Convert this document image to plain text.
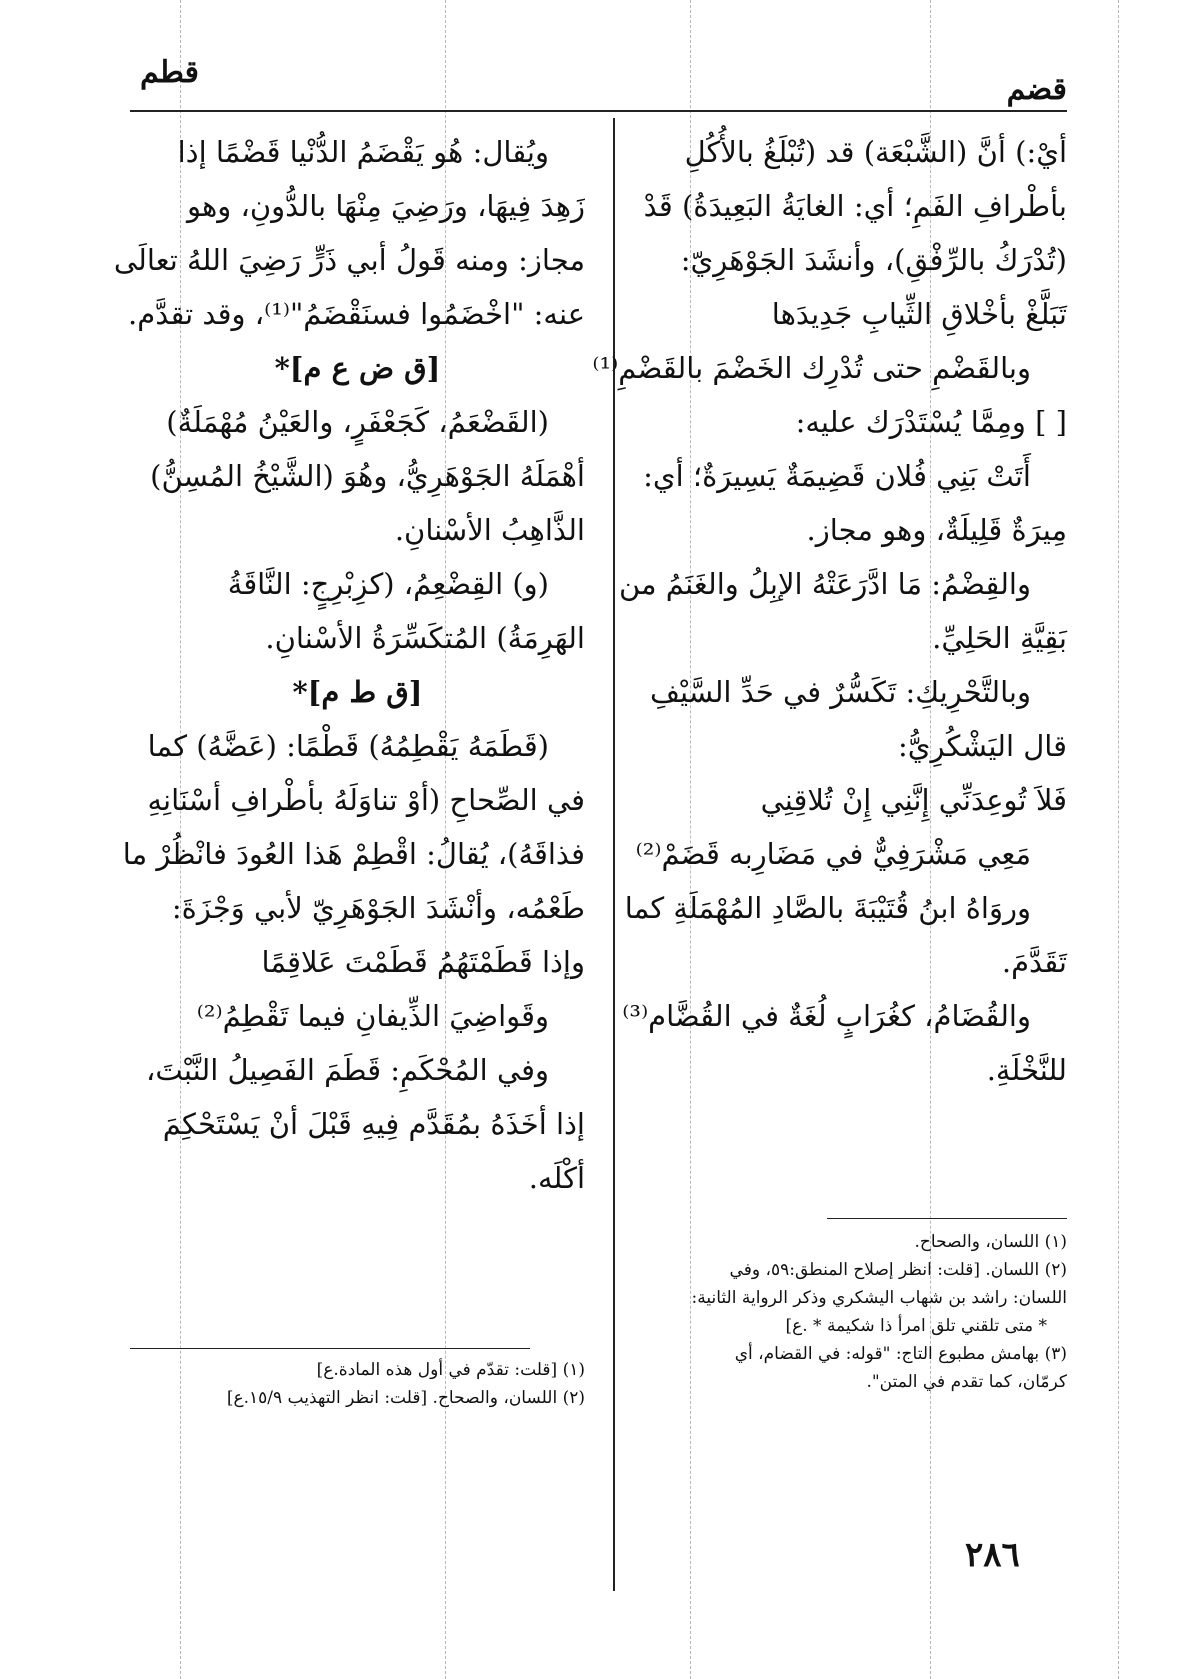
قضم
قطم
أيْ:) أنَّ (الشَّبْعَة) قد (تُبْلَغُ بالأُكُلِ
بأطْرافِ الفَمِ؛ أي: الغايَةُ البَعِيدَةُ) قَدْ
(تُدْرَكُ بالرِّفْقِ)، وأنشَدَ الجَوْهَرِيّ:
تَبَلَّغْ بأخْلاقِ الثِّيابِ جَدِيدَها
وبالقَضْمِ حتى تُدْرِك الخَضْمَ بالقَضْمِ⁽¹⁾
[ ] ومِمَّا يُسْتَدْرَك عليه:
أَتَتْ بَنِي فُلان قَضِيمَةٌ يَسِيرَةٌ؛ أي:
مِيرَةٌ قَلِيلَةٌ، وهو مجاز.
والقِضْمُ: مَا ادَّرَعَتْهُ الإبِلُ والغَنَمُ من
بَقِيَّةِ الحَلِيِّ.
وبالتَّحْرِيكِ: تَكَسُّرٌ في حَدِّ السَّيْفِ
قال اليَشْكُرِيُّ:
فَلاَ تُوعِدَنِّي إِنَّنِي إِنْ تُلاقِنِي
مَعِي مَشْرَفِيٌّ في مَضَارِبه قَضَمْ⁽²⁾
وروَاهُ ابنُ قُتَيْبَةَ بالصَّادِ المُهْمَلَةِ كما
تَقَدَّمَ.
والقُضَامُ، كغُرَابٍ لُغَةٌ في القُضَّام⁽³⁾
للنَّخْلَةِ.
(١) اللسان، والصحاح.
(٢) اللسان. [قلت: انظر إصلاح المنطق:٥٩، وفي
اللسان: راشد بن شهاب اليشكري وذكر الرواية الثانية:
* متى تلقني تلق امرأ ذا شكيمة * .ع]
(٣) بهامش مطبوع التاج: "قوله: في القضام، أي
كرمّان، كما تقدم في المتن".
ويُقال: هُو يَقْضَمُ الدُّنْيا قَضْمًا إذا
زَهِدَ فِيهَا، ورَضِيَ مِنْهَا بالدُّونِ، وهو
مجاز: ومنه قَولُ أبي ذَرٍّ رَضِيَ اللهُ تعالَى
عنه: "اخْضَمُوا فسنَقْضَمُ"⁽¹⁾، وقد تقدَّم.
[ق ض ع م]*
(القَضْعَمُ، كَجَعْفَرٍ، والعَيْنُ مُهْمَلَةٌ)
أهْمَلَهُ الجَوْهَرِيُّ، وهُوَ (الشَّيْخُ المُسِنُّ)
الذَّاهِبُ الأسْنانِ.
(و) القِضْعِمُ، (كزِبْرِجٍ: النَّاقَةُ
الهَرِمَةُ) المُتكَسِّرَةُ الأسْنانِ.
[ق ط م]*
(قَطَمَهُ يَقْطِمُهُ) قَطْمًا: (عَضَّهُ) كما
في الصِّحاحِ (أوْ تناوَلَهُ بأطْرافِ أسْنَانِهِ
فذاقَهُ)، يُقالُ: اقْطِمْ هَذا العُودَ فانْظُرْ ما
طَعْمُه، وأنْشَدَ الجَوْهَرِيّ لأبي وَجْزَةَ:
وإذا قَطَمْتَهُمُ قَطَمْتَ عَلاقِمًا
وقَواضِيَ الذِّيفانِ فيما تَقْطِمُ⁽²⁾
وفي المُحْكَمِ: قَطَمَ الفَصِيلُ النَّبْتَ،
إذا أخَذَهُ بمُقَدَّم فِيهِ قَبْلَ أنْ يَسْتَحْكِمَ
أكْلَه.
(١) [قلت: تقدّم في أول هذه المادة.ع]
(٢) اللسان، والصحاح. [قلت: انظر التهذيب ١٥/٩.ع]
٢٨٦
